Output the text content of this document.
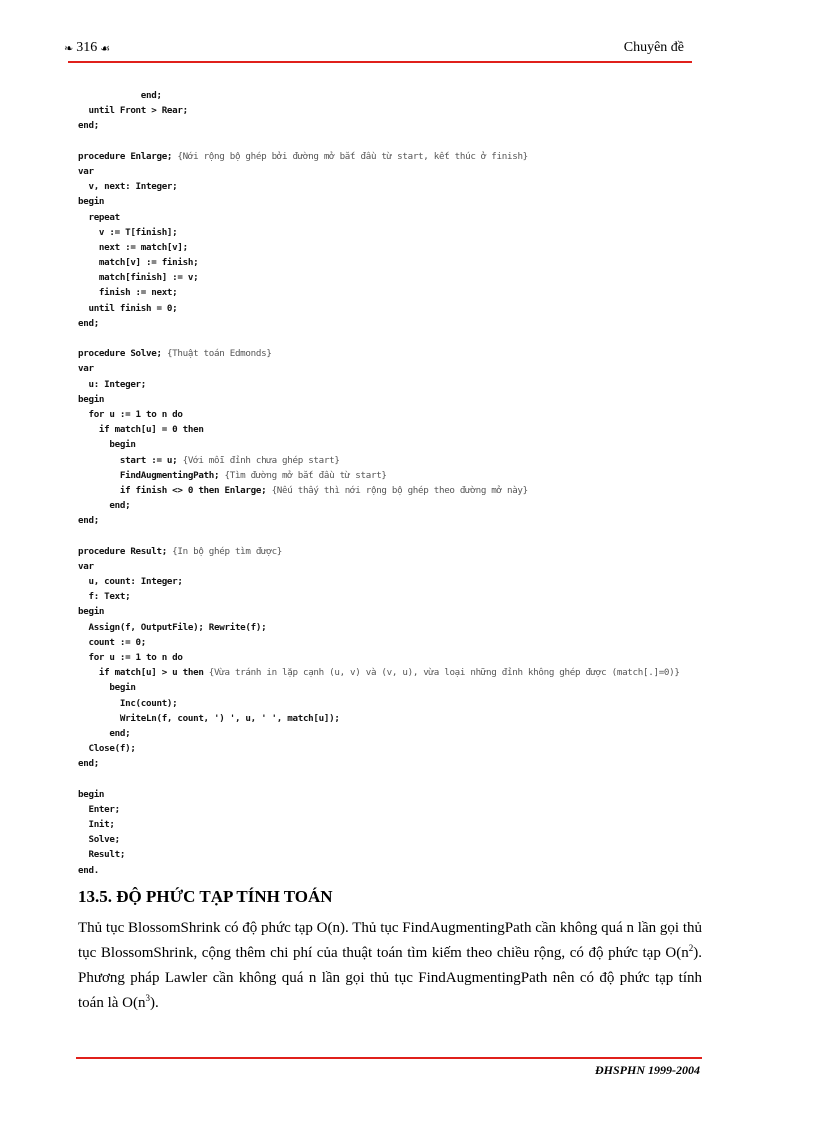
❧ 316 ☙	Chuyên đề
end;
until Front > Rear;
end;
procedure Enlarge; {Nới rộng bộ ghép bởi đường mở bắt đầu từ start, kết thúc ở finish}
var
v, next: Integer;
begin
repeat
v := T[finish];
next := match[v];
match[v] := finish;
match[finish] := v;
finish := next;
until finish = 0;
end;
procedure Solve; {Thuật toán Edmonds}
var
u: Integer;
begin
for u := 1 to n do
if match[u] = 0 then
begin
start := u; {Với mỗi đỉnh chưa ghép start}
FindAugmentingPath; {Tìm đường mở bắt đầu từ start}
if finish <> 0 then Enlarge; {Nếu thấy thì nới rộng bộ ghép theo đường mở này}
end;
end;
procedure Result; {In bộ ghép tìm được}
var
u, count: Integer;
f: Text;
begin
Assign(f, OutputFile); Rewrite(f);
count := 0;
for u := 1 to n do
if match[u] > u then {Vừa tránh in lặp cạnh (u, v) và (v, u), vừa loại những đỉnh không ghép được (match[.]=0)}
begin
Inc(count);
WriteLn(f, count, ') ', u, ' ', match[u]);
end;
Close(f);
end;
begin
Enter;
Init;
Solve;
Result;
end.
13.5. ĐỘ PHỨC TẠP TÍNH TOÁN
Thủ tục BlossomShrink có độ phức tạp O(n). Thủ tục FindAugmentingPath cần không quá n lần gọi thủ tục BlossomShrink, cộng thêm chi phí của thuật toán tìm kiếm theo chiều rộng, có độ phức tạp $O(n^2)$. Phương pháp Lawler cần không quá n lần gọi thủ tục FindAugmentingPath nên có độ phức tạp tính toán là $O(n^3)$.
ĐHSPHN 1999-2004
